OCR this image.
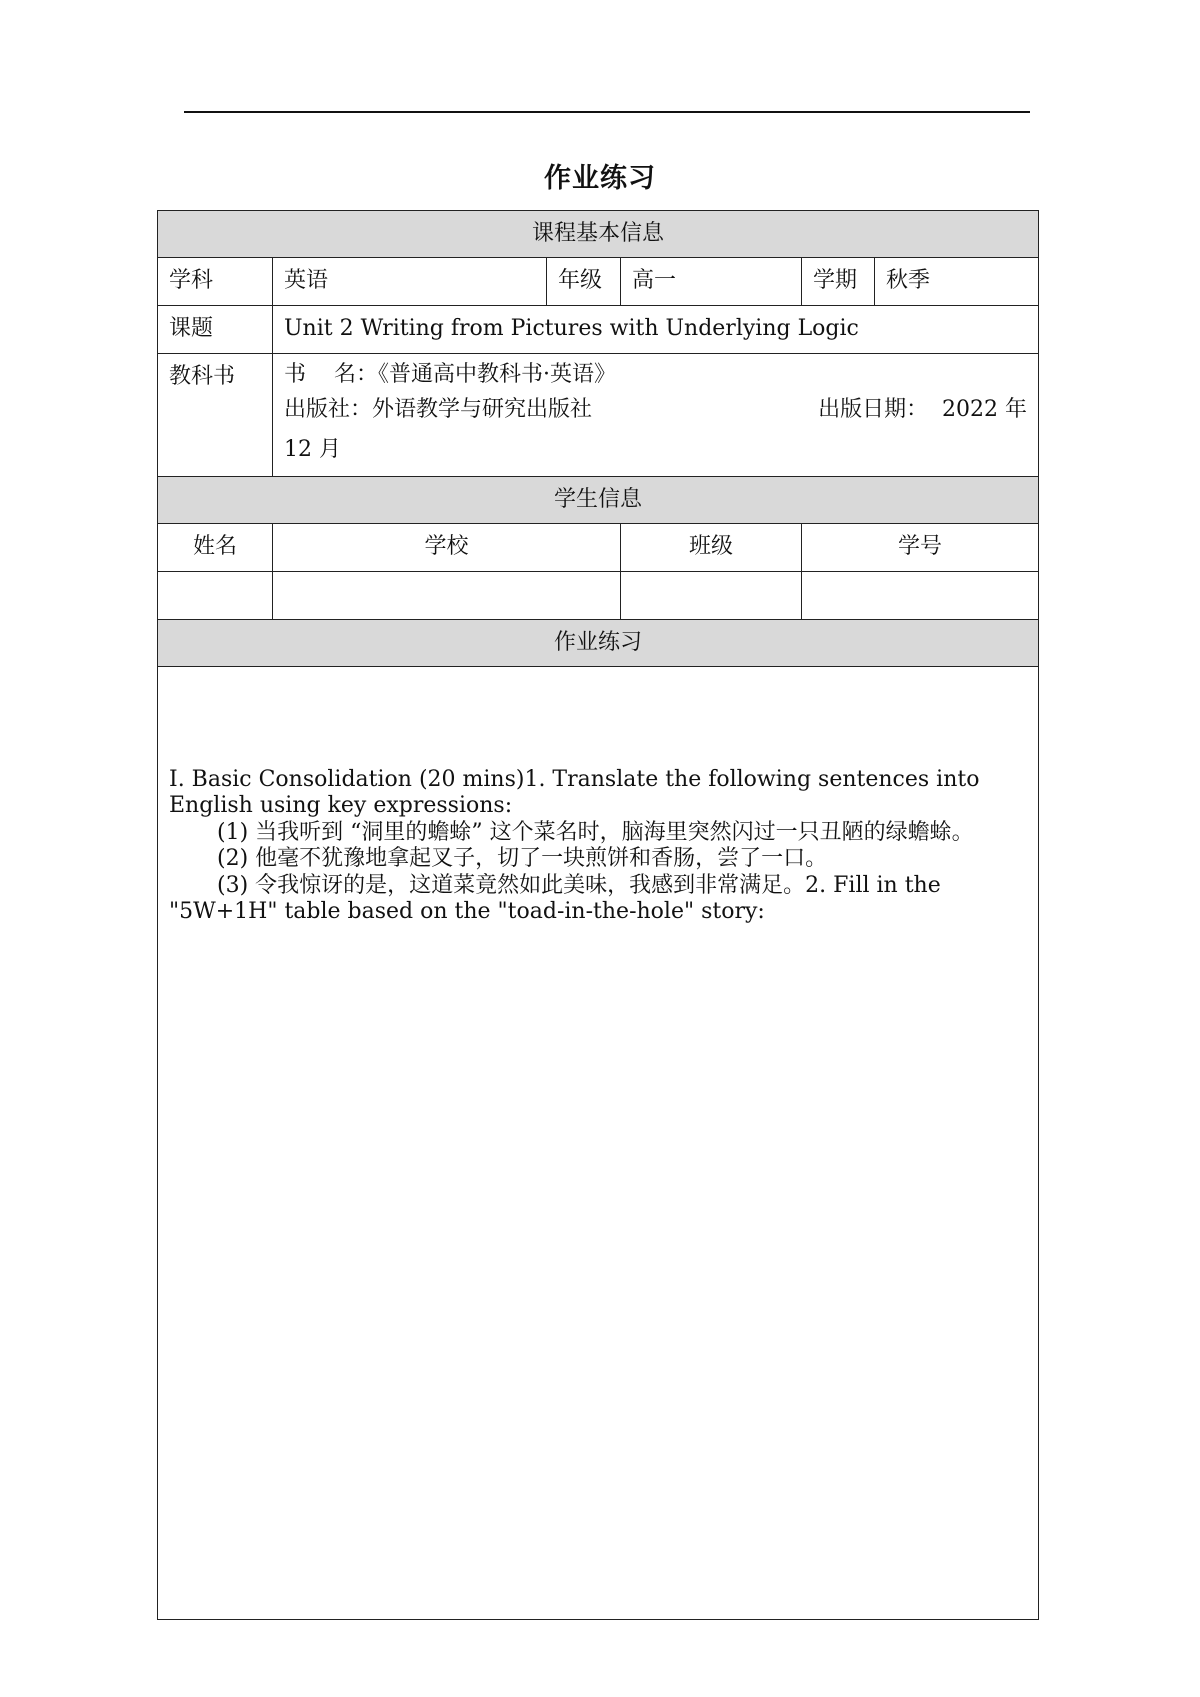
作业练习
课程基本信息					
学科	英语	年级	高一	学期	秋季
课题	Unit 2 Writing from Pictures with Underlying Logic				
教科书	书    名：《普通高中教科书·英语》
出版社：外语教学与研究出版社 出版日期：  2022 年
12 月				

学生信息					
姓名	学校		班级	学号	

作业练习					

I. Basic Consolidation (20 mins)1. Translate the following sentences into English using key expressions:

(1) 当我听到 “洞里的蟾蜍” 这个菜名时，脑海里突然闪过一只丑陋的绿蟾蜍。

(2) 他毫不犹豫地拿起叉子，切了一块煎饼和香肠，尝了一口。

(3) 令我惊讶的是，这道菜竟然如此美味，我感到非常满足。2. Fill in the "5W+1H" table based on the "toad-in-the-hole" story:					
